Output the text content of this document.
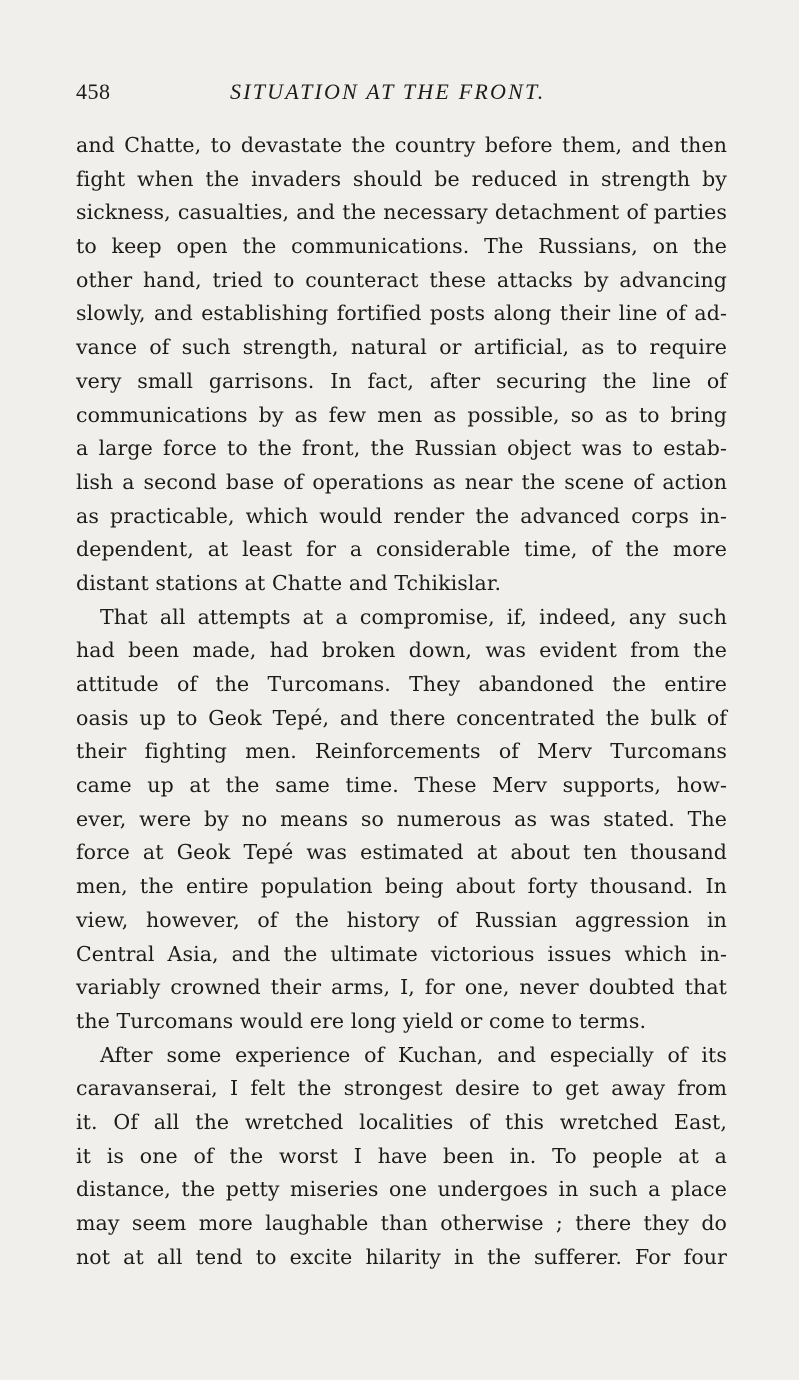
458	SITUATION AT THE FRONT.
and Chatte, to devastate the country before them, and then
fight when the invaders should be reduced in strength by
sickness, casualties, and the necessary detachment of parties
to keep open the communications. The Russians, on the
other hand, tried to counteract these attacks by advancing
slowly, and establishing fortified posts along their line of ad-
vance of such strength, natural or artificial, as to require
very small garrisons. In fact, after securing the line of
communications by as few men as possible, so as to bring
a large force to the front, the Russian object was to estab-
lish a second base of operations as near the scene of action
as practicable, which would render the advanced corps in-
dependent, at least for a considerable time, of the more
distant stations at Chatte and Tchikislar.
That all attempts at a compromise, if, indeed, any such
had been made, had broken down, was evident from the
attitude of the Turcomans. They abandoned the entire
oasis up to Geok Tepé, and there concentrated the bulk of
their fighting men. Reinforcements of Merv Turcomans
came up at the same time. These Merv supports, how-
ever, were by no means so numerous as was stated. The
force at Geok Tepé was estimated at about ten thousand
men, the entire population being about forty thousand. In
view, however, of the history of Russian aggression in
Central Asia, and the ultimate victorious issues which in-
variably crowned their arms, I, for one, never doubted that
the Turcomans would ere long yield or come to terms.
After some experience of Kuchan, and especially of its
caravanserai, I felt the strongest desire to get away from
it. Of all the wretched localities of this wretched East,
it is one of the worst I have been in. To people at a
distance, the petty miseries one undergoes in such a place
may seem more laughable than otherwise ; there they do
not at all tend to excite hilarity in the sufferer. For four
